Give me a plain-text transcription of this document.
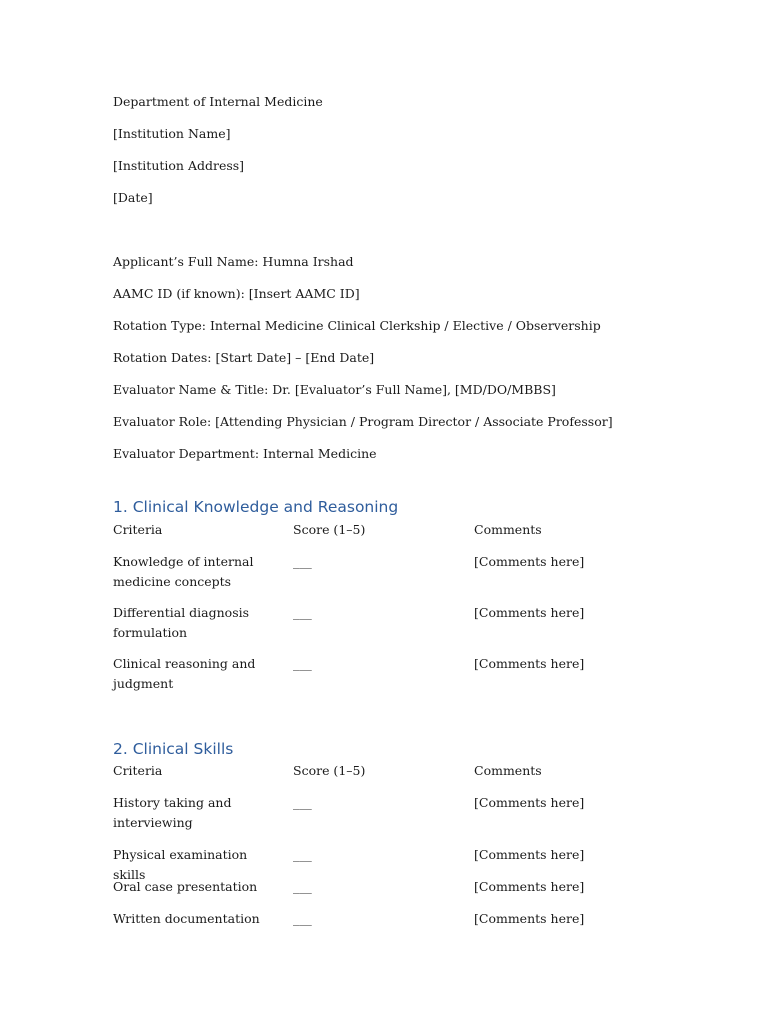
Department of Internal Medicine
[Institution Name]
[Institution Address]
[Date]
Applicant’s Full Name: Humna Irshad
AAMC ID (if known): [Insert AAMC ID]
Rotation Type: Internal Medicine Clinical Clerkship / Elective / Observership
Rotation Dates: [Start Date] – [End Date]
Evaluator Name & Title: Dr. [Evaluator’s Full Name], [MD/DO/MBBS]
Evaluator Role: [Attending Physician / Program Director / Associate Professor]
Evaluator Department: Internal Medicine
1. Clinical Knowledge and Reasoning
Criteria	Score (1–5)	Comments
Knowledge of internal medicine concepts
___	[Comments here]
Differential diagnosis formulation
___	[Comments here]
Clinical reasoning and judgment
___	[Comments here]
2. Clinical Skills
Criteria	Score (1–5)	Comments
History taking and interviewing
___	[Comments here]
Physical examination skills
___	[Comments here]
Oral case presentation	___	[Comments here]
Written documentation	___	[Comments here]
